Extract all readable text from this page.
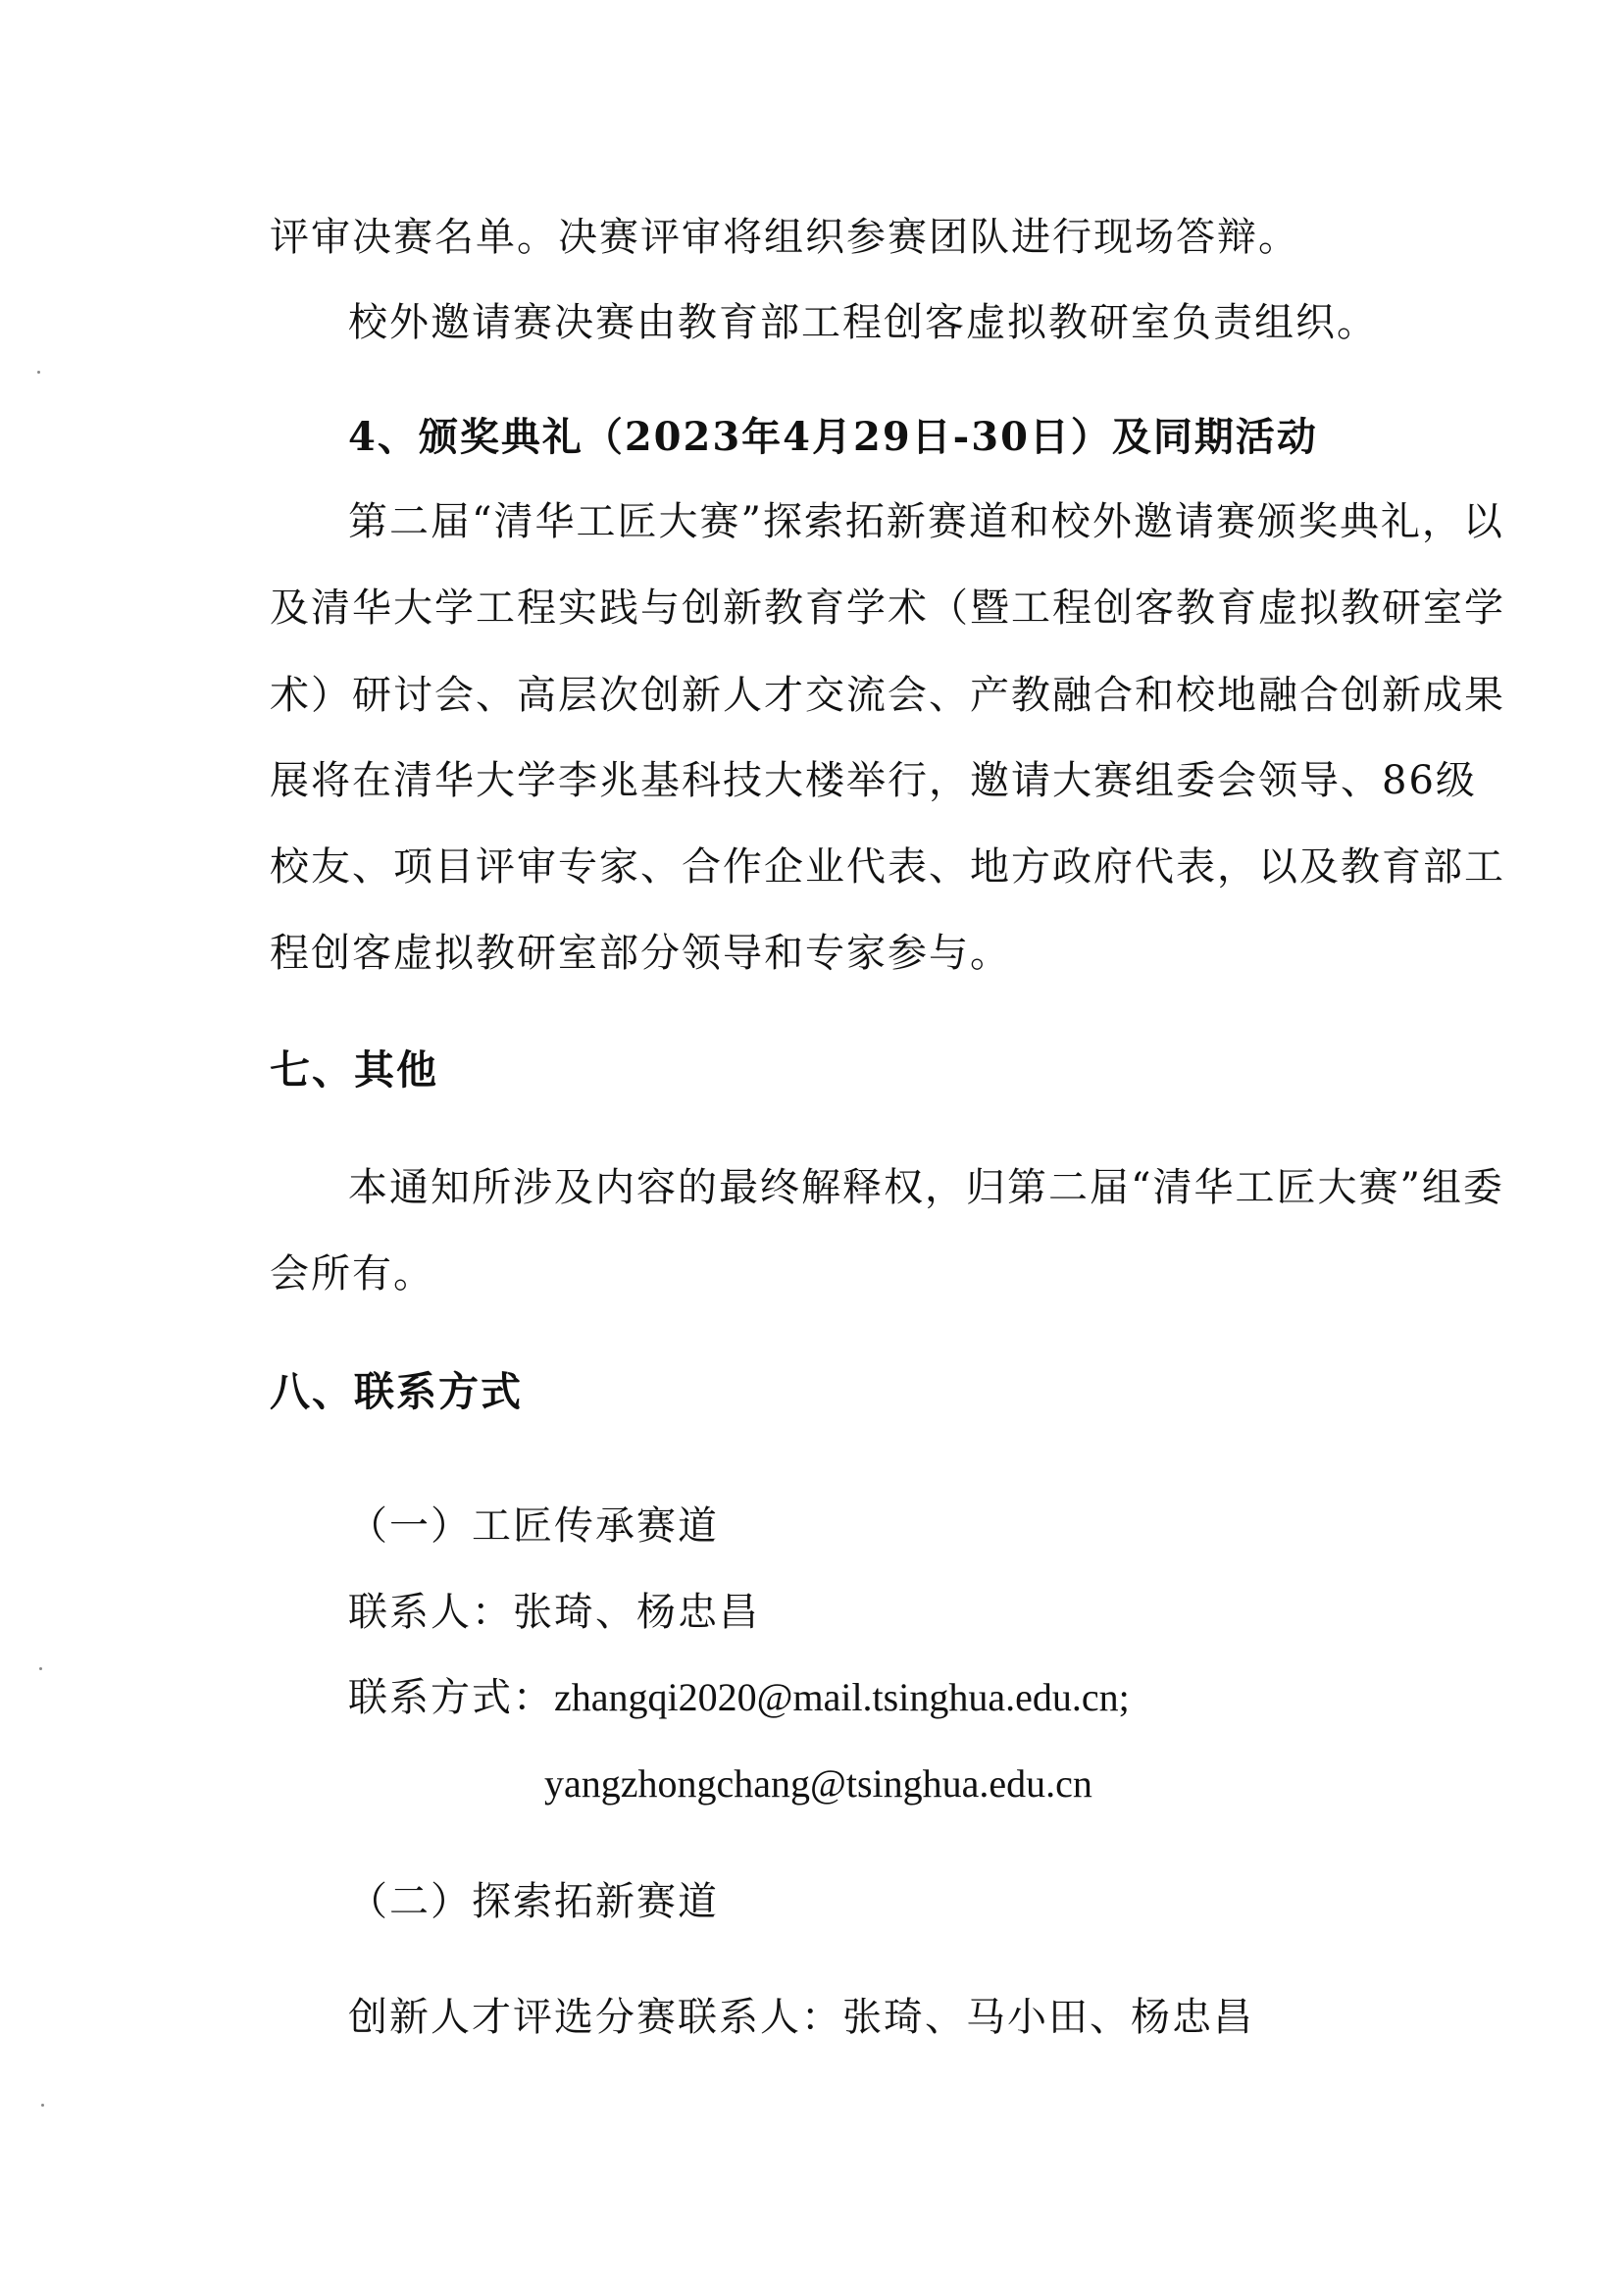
评审决赛名单。决赛评审将组织参赛团队进行现场答辩。
校外邀请赛决赛由教育部工程创客虚拟教研室负责组织。
4、颁奖典礼（2023年4月29日-30日）及同期活动
第二届“清华工匠大赛”探索拓新赛道和校外邀请赛颁奖典礼，以
及清华大学工程实践与创新教育学术（暨工程创客教育虚拟教研室学
术）研讨会、高层次创新人才交流会、产教融合和校地融合创新成果
展将在清华大学李兆基科技大楼举行，邀请大赛组委会领导、86级
校友、项目评审专家、合作企业代表、地方政府代表，以及教育部工
程创客虚拟教研室部分领导和专家参与。
七、其他
本通知所涉及内容的最终解释权，归第二届“清华工匠大赛”组委
会所有。
八、联系方式
（一）工匠传承赛道
联系人：张琦、杨忠昌
联系方式：zhangqi2020@mail.tsinghua.edu.cn;
yangzhongchang@tsinghua.edu.cn
（二）探索拓新赛道
创新人才评选分赛联系人：张琦、马小田、杨忠昌
